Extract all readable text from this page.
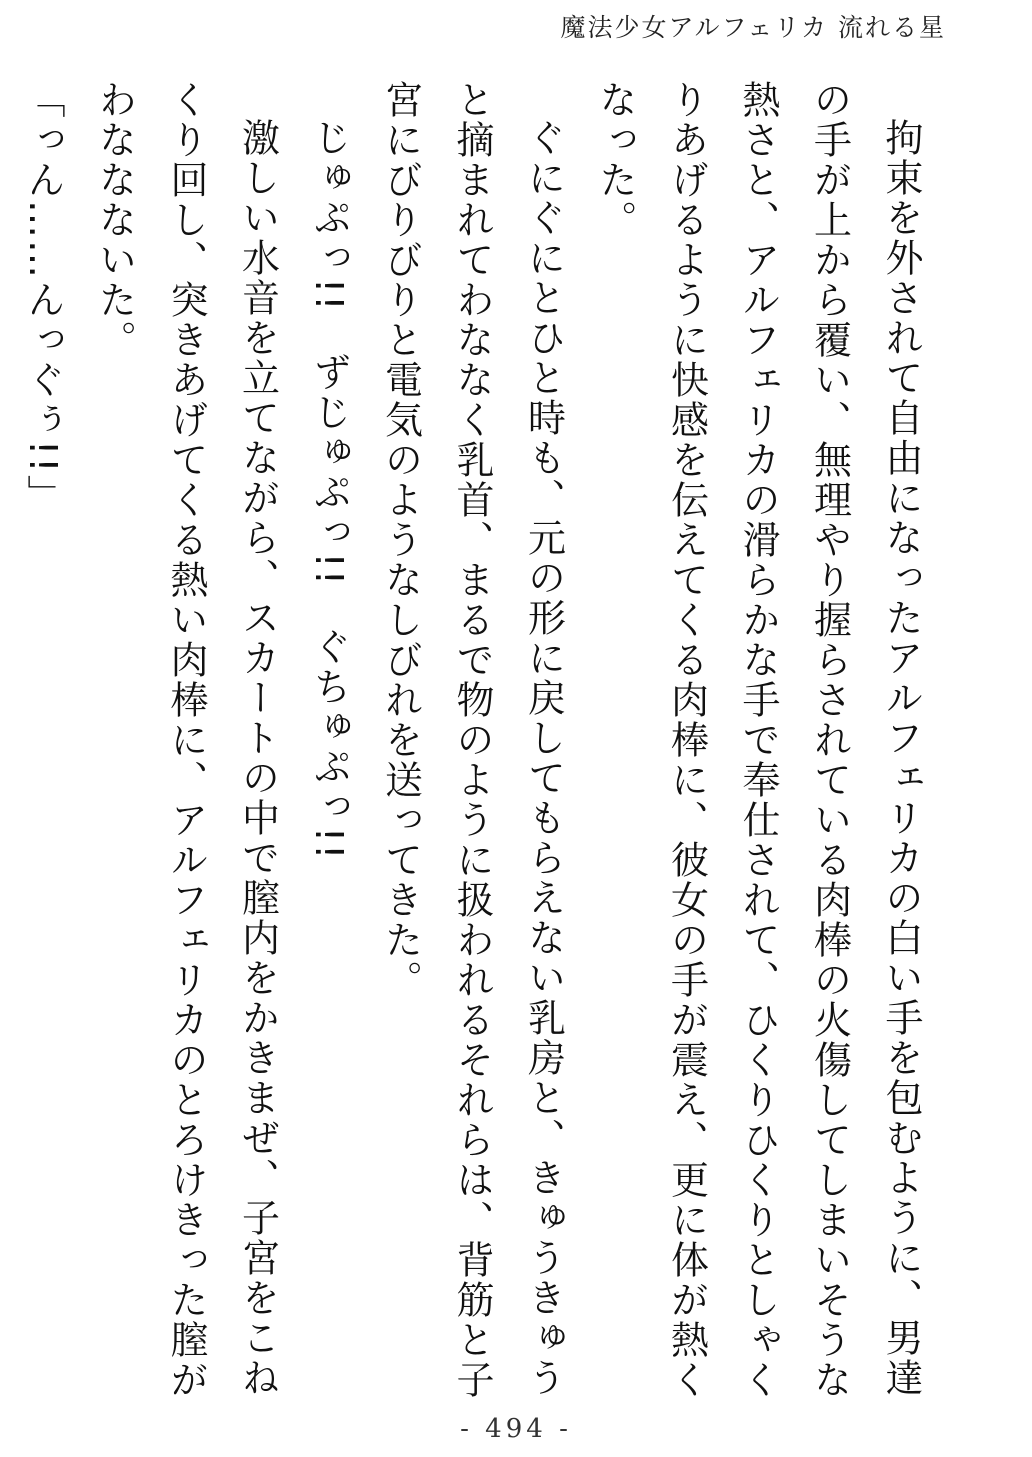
魔法少女アルフェリカ 流れる星

拘束を外されて自由になったアルフェリカの白い手を包むように、男達の手が上から覆い、無理やり握らされている肉棒の火傷してしまいそうな熱さと、アルフェリカの滑らかな手で奉仕されて、ひくりひくりとしゃくりあげるように快感を伝えてくる肉棒に、彼女の手が震え、更に体が熱くなった。

ぐにぐにとひと時も、元の形に戻してもらえない乳房と、きゅうきゅうと摘まれてわななく乳首、まるで物のように扱われるそれらは、背筋と子宮にびりびりと電気のようなしびれを送ってきた。

じゅぷっ!!　ずじゅぷっ!!　ぐちゅぷっ!!

激しい水音を立てながら、スカートの中で膣内をかきまぜ、子宮をこねくり回し、突きあげてくる熱い肉棒に、アルフェリカのとろけきった膣がわななないた。

「っん……んっぐぅ!!」

- 494 -
